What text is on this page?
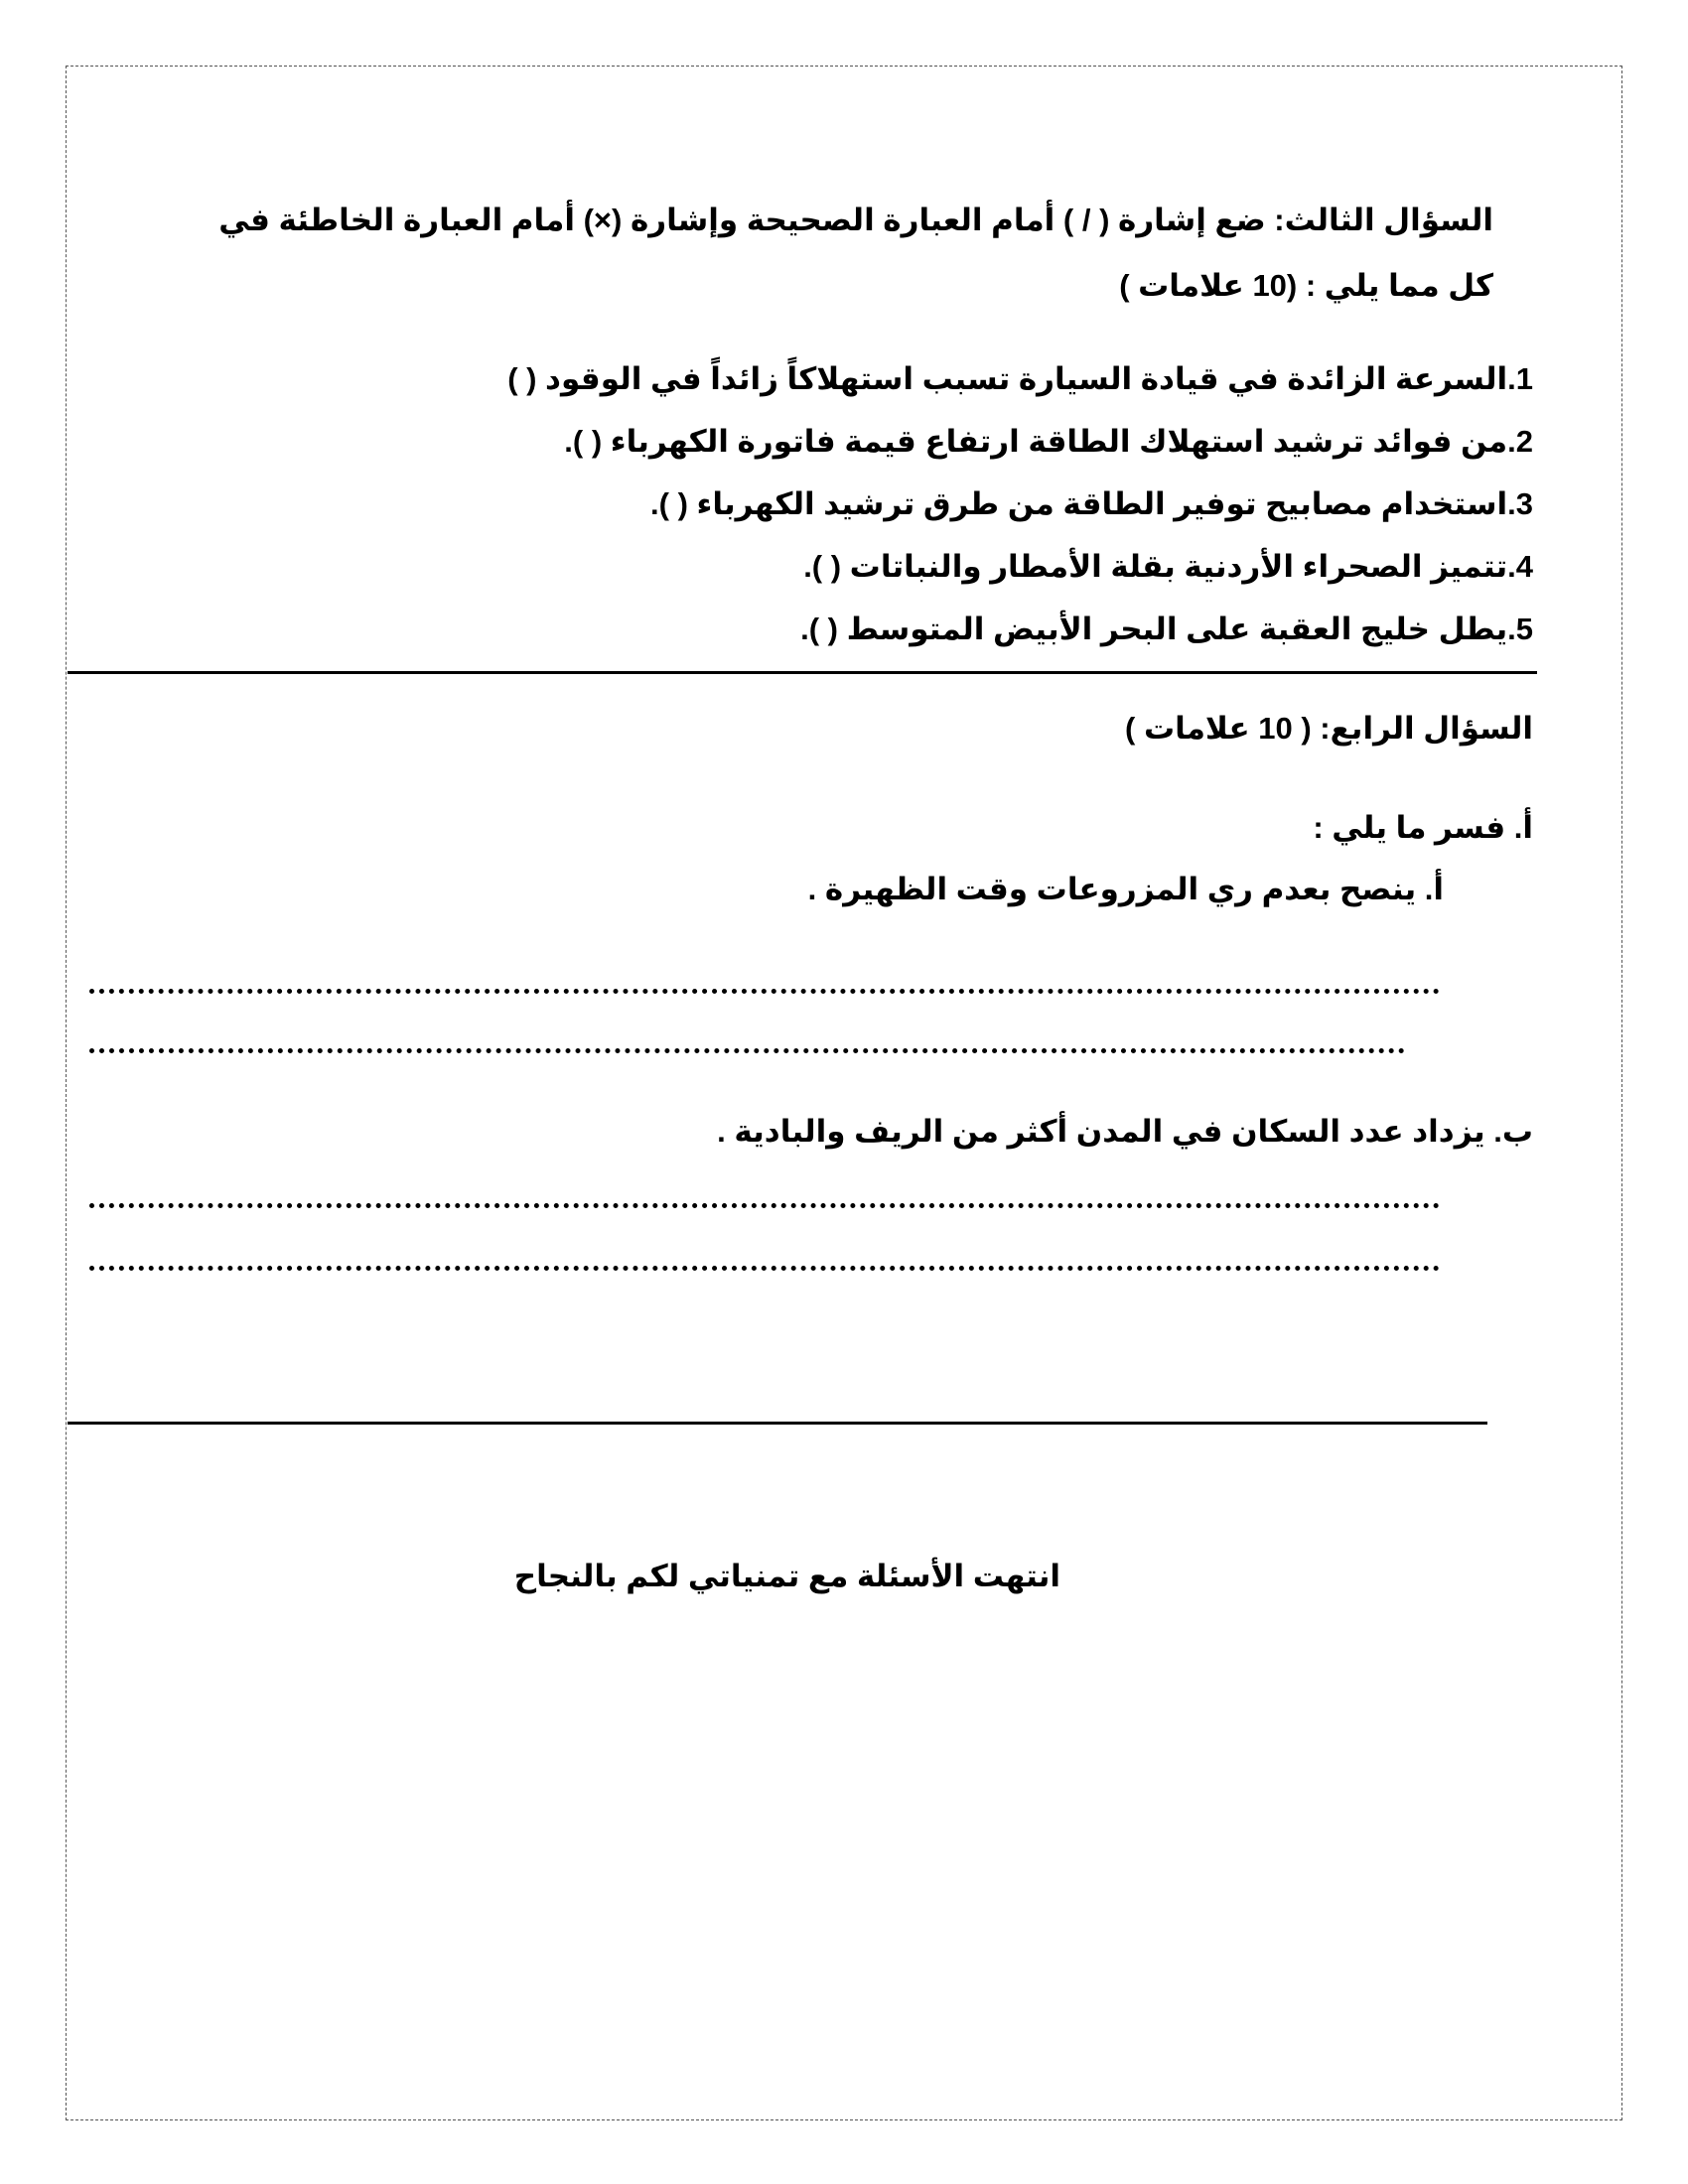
السؤال الثالث: ضع إشارة ( / ) أمام العبارة الصحيحة وإشارة (×) أمام العبارة الخاطئة في
كل مما يلي : (10 علامات )
1.السرعة الزائدة في قيادة السيارة تسبب استهلاكاً زائداً في الوقود ( )
2.من فوائد ترشيد استهلاك الطاقة ارتفاع قيمة فاتورة الكهرباء ( ).
3.استخدام مصابيح توفير الطاقة من طرق ترشيد الكهرباء ( ).
4.تتميز الصحراء الأردنية بقلة الأمطار والنباتات ( ).
5.يطل خليج العقبة على البحر الأبيض المتوسط ( ).
السؤال الرابع: ( 10 علامات )
أ. فسر ما يلي :
أ. ينصح بعدم ري المزروعات وقت الظهيرة .
ب. يزداد عدد السكان في المدن أكثر من الريف والبادية .
انتهت الأسئلة مع تمنياتي لكم بالنجاح
